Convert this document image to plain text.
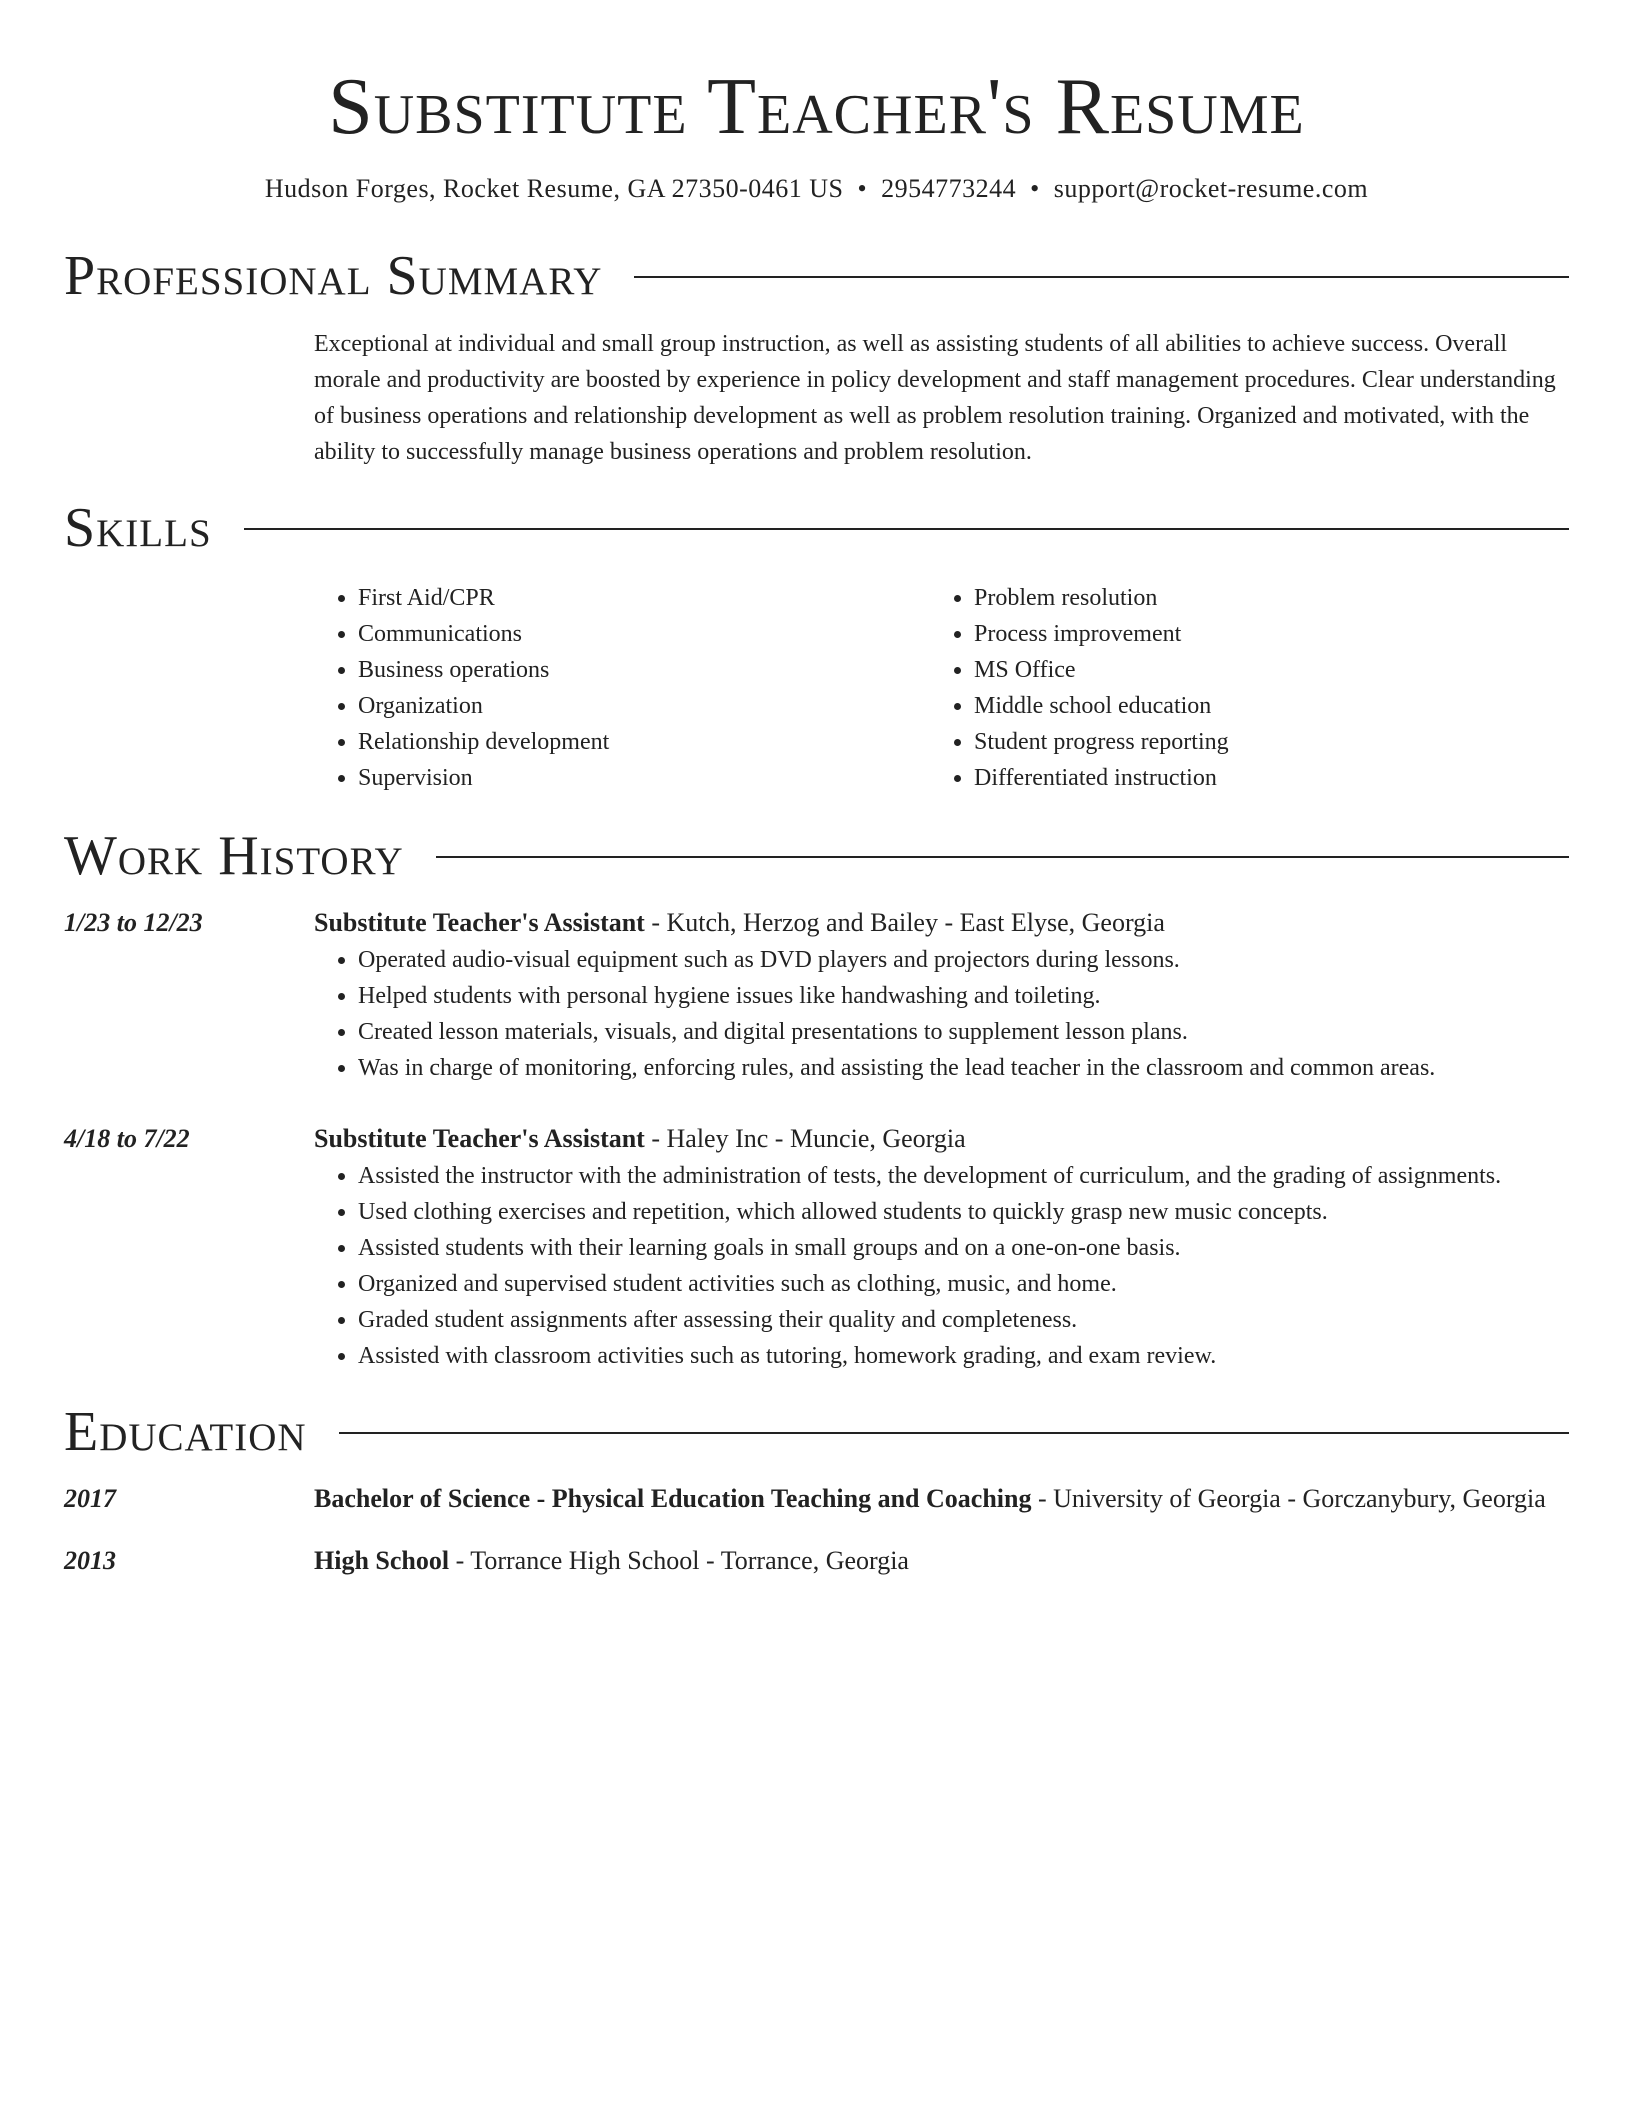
Substitute Teacher's Resume
Hudson Forges, Rocket Resume, GA 27350-0461 US • 2954773244 • support@rocket-resume.com
Professional Summary
Exceptional at individual and small group instruction, as well as assisting students of all abilities to achieve success. Overall morale and productivity are boosted by experience in policy development and staff management procedures. Clear understanding of business operations and relationship development as well as problem resolution training. Organized and motivated, with the ability to successfully manage business operations and problem resolution.
Skills
• First Aid/CPR
• Communications
• Business operations
• Organization
• Relationship development
• Supervision
• Problem resolution
• Process improvement
• MS Office
• Middle school education
• Student progress reporting
• Differentiated instruction
Work History
1/23 to 12/23	Substitute Teacher's Assistant - Kutch, Herzog and Bailey - East Elyse, Georgia
• Operated audio-visual equipment such as DVD players and projectors during lessons.
• Helped students with personal hygiene issues like handwashing and toileting.
• Created lesson materials, visuals, and digital presentations to supplement lesson plans.
• Was in charge of monitoring, enforcing rules, and assisting the lead teacher in the classroom and common areas.
4/18 to 7/22	Substitute Teacher's Assistant - Haley Inc - Muncie, Georgia
• Assisted the instructor with the administration of tests, the development of curriculum, and the grading of assignments.
• Used clothing exercises and repetition, which allowed students to quickly grasp new music concepts.
• Assisted students with their learning goals in small groups and on a one-on-one basis.
• Organized and supervised student activities such as clothing, music, and home.
• Graded student assignments after assessing their quality and completeness.
• Assisted with classroom activities such as tutoring, homework grading, and exam review.
Education
2017	Bachelor of Science - Physical Education Teaching and Coaching - University of Georgia - Gorczanybury, Georgia
2013	High School - Torrance High School - Torrance, Georgia
